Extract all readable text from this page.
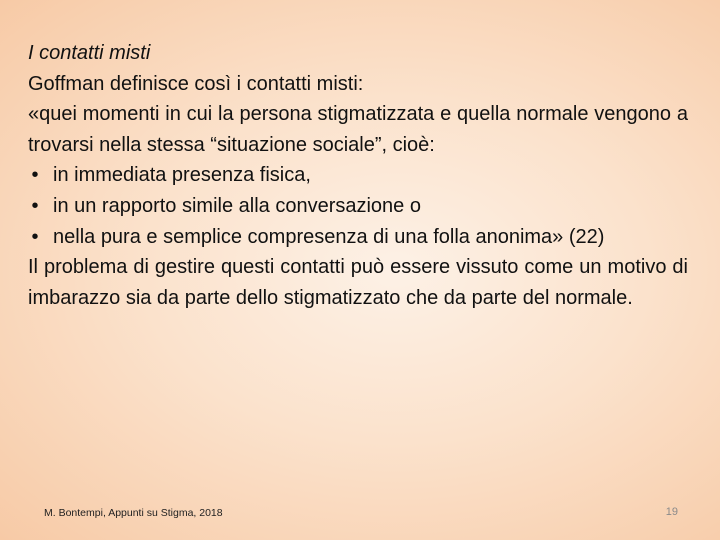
I contatti misti

Goffman definisce così i contatti misti:

«quei momenti in cui la persona stigmatizzata e quella normale vengono a trovarsi nella stessa “situazione sociale”, cioè:

• in immediata presenza fisica,
• in un rapporto simile alla conversazione o
• nella pura e semplice compresenza di una folla anonima» (22)

Il problema di gestire questi contatti può essere vissuto come un motivo di imbarazzo sia da parte dello stigmatizzato che da parte del normale.

M. Bontempi, Appunti su Stigma, 2018	19
